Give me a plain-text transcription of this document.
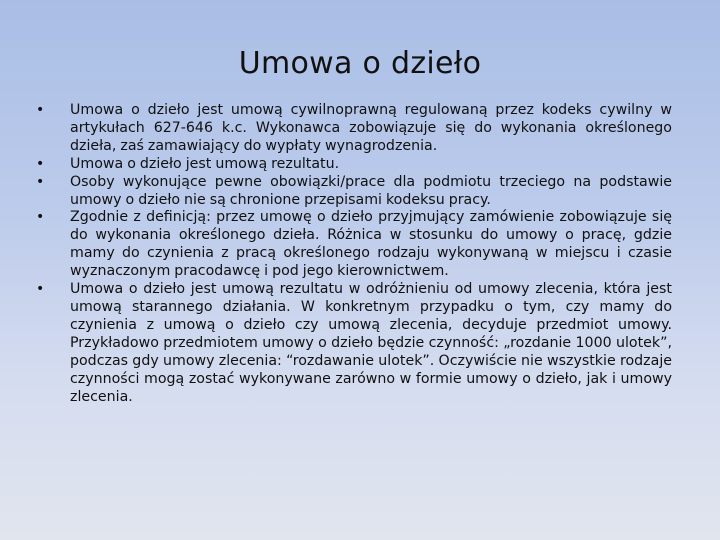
Umowa o dzieło
• Umowa o dzieło jest umową cywilnoprawną regulowaną przez kodeks cywilny w artykułach 627-646 k.c. Wykonawca zobowiązuje się do wykonania określonego dzieła, zaś zamawiający do wypłaty wynagrodzenia.
• Umowa o dzieło jest umową rezultatu.
• Osoby wykonujące pewne obowiązki/prace dla podmiotu trzeciego na podstawie umowy o dzieło nie są chronione przepisami kodeksu pracy.
• Zgodnie z definicją: przez umowę o dzieło przyjmujący zamówienie zobowiązuje się do wykonania określonego dzieła. Różnica w stosunku do umowy o pracę, gdzie mamy do czynienia z pracą określonego rodzaju wykonywaną w miejscu i czasie wyznaczonym pracodawcę i pod jego kierownictwem.
• Umowa o dzieło jest umową rezultatu w odróżnieniu od umowy zlecenia, która jest umową starannego działania. W konkretnym przypadku o tym, czy mamy do czynienia z umową o dzieło czy umową zlecenia, decyduje przedmiot umowy. Przykładowo przedmiotem umowy o dzieło będzie czynność: „rozdanie 1000 ulotek”, podczas gdy umowy zlecenia: “rozdawanie ulotek”. Oczywiście nie wszystkie rodzaje czynności mogą zostać wykonywane zarówno w formie umowy o dzieło, jak i umowy zlecenia.
